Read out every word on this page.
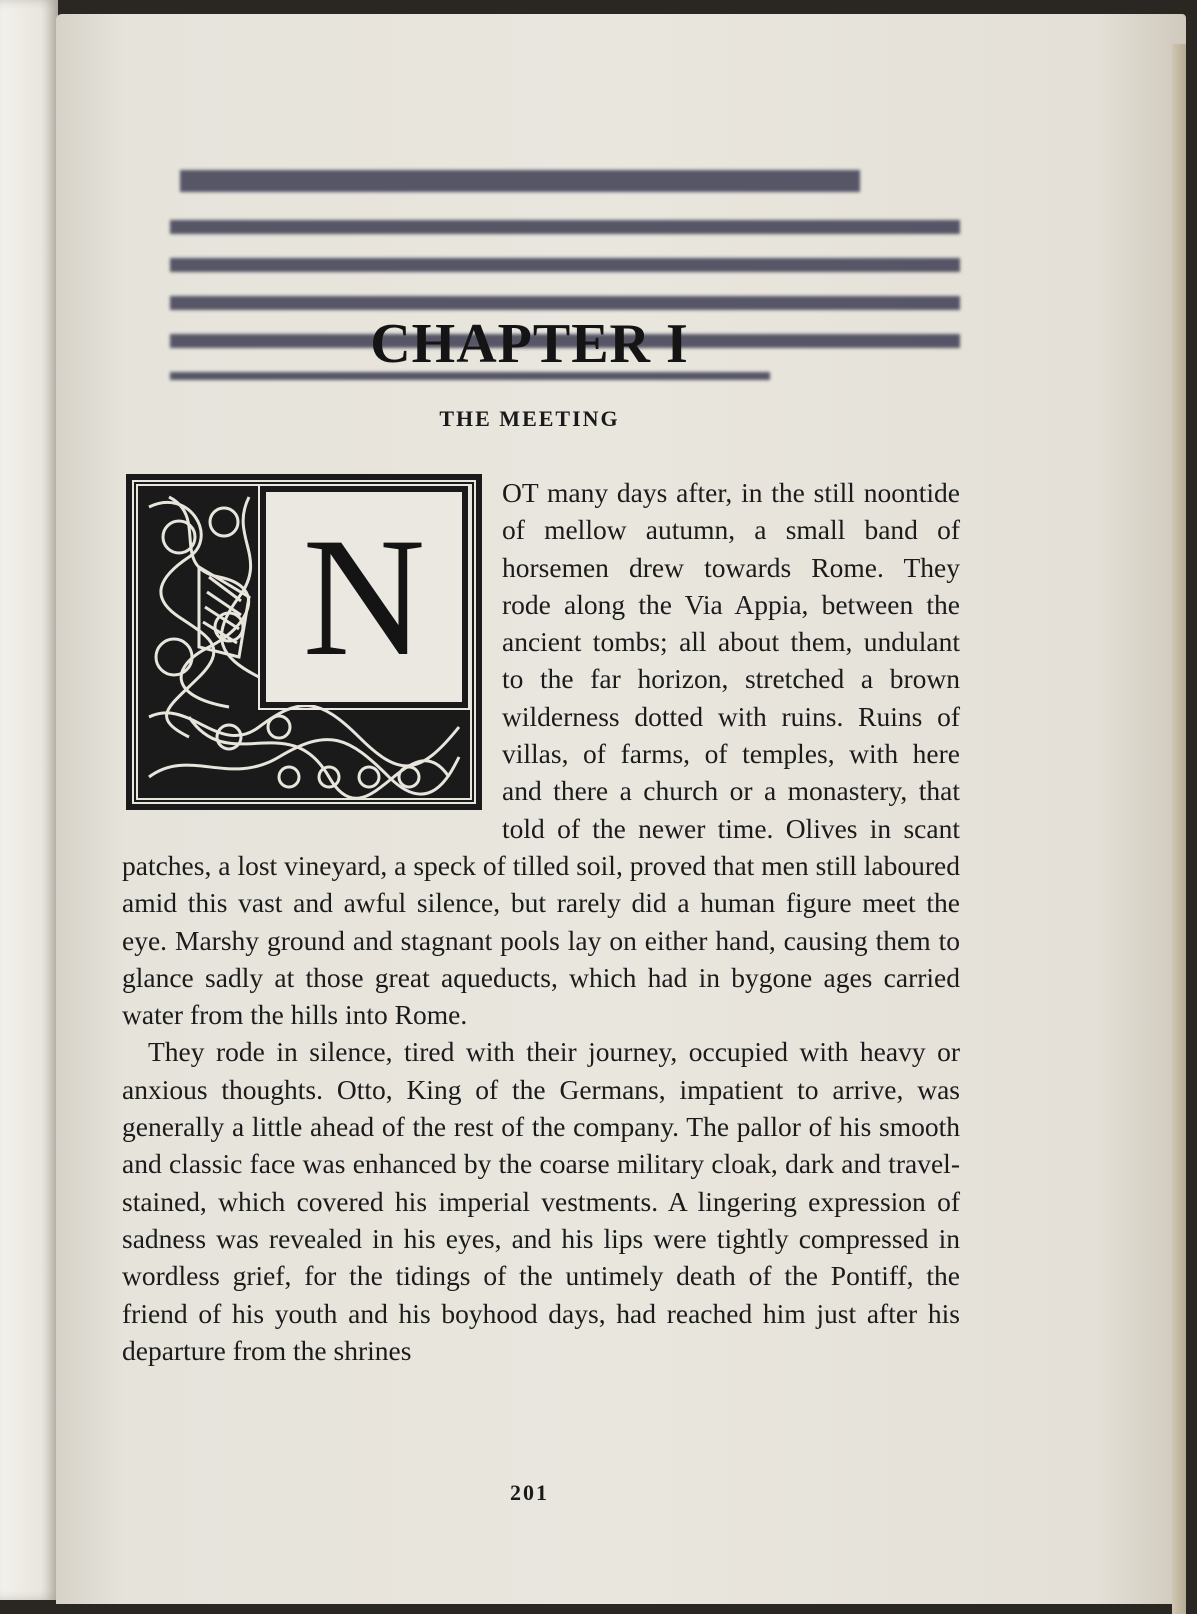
CHAPTER I
THE MEETING
N

OT many days after, in the still noontide of mellow autumn, a small band of horsemen drew towards Rome. They rode along the Via Appia, between the ancient tombs; all about them, undulant to the far horizon, stretched a brown wilderness dotted with ruins. Ruins of villas, of farms, of temples, with here and there a church or a monastery, that told of the newer time. Olives in scant patches, a lost vineyard, a speck of tilled soil, proved that men still laboured amid this vast and awful silence, but rarely did a human figure meet the eye. Marshy ground and stagnant pools lay on either hand, causing them to glance sadly at those great aqueducts, which had in bygone ages carried water from the hills into Rome.

They rode in silence, tired with their journey, occupied with heavy or anxious thoughts. Otto, King of the Germans, impatient to arrive, was generally a little ahead of the rest of the company. The pallor of his smooth and classic face was enhanced by the coarse military cloak, dark and travel-stained, which covered his imperial vestments. A lingering expression of sadness was revealed in his eyes, and his lips were tightly compressed in wordless grief, for the tidings of the untimely death of the Pontiff, the friend of his youth and his boyhood days, had reached him just after his departure from the shrines

201
